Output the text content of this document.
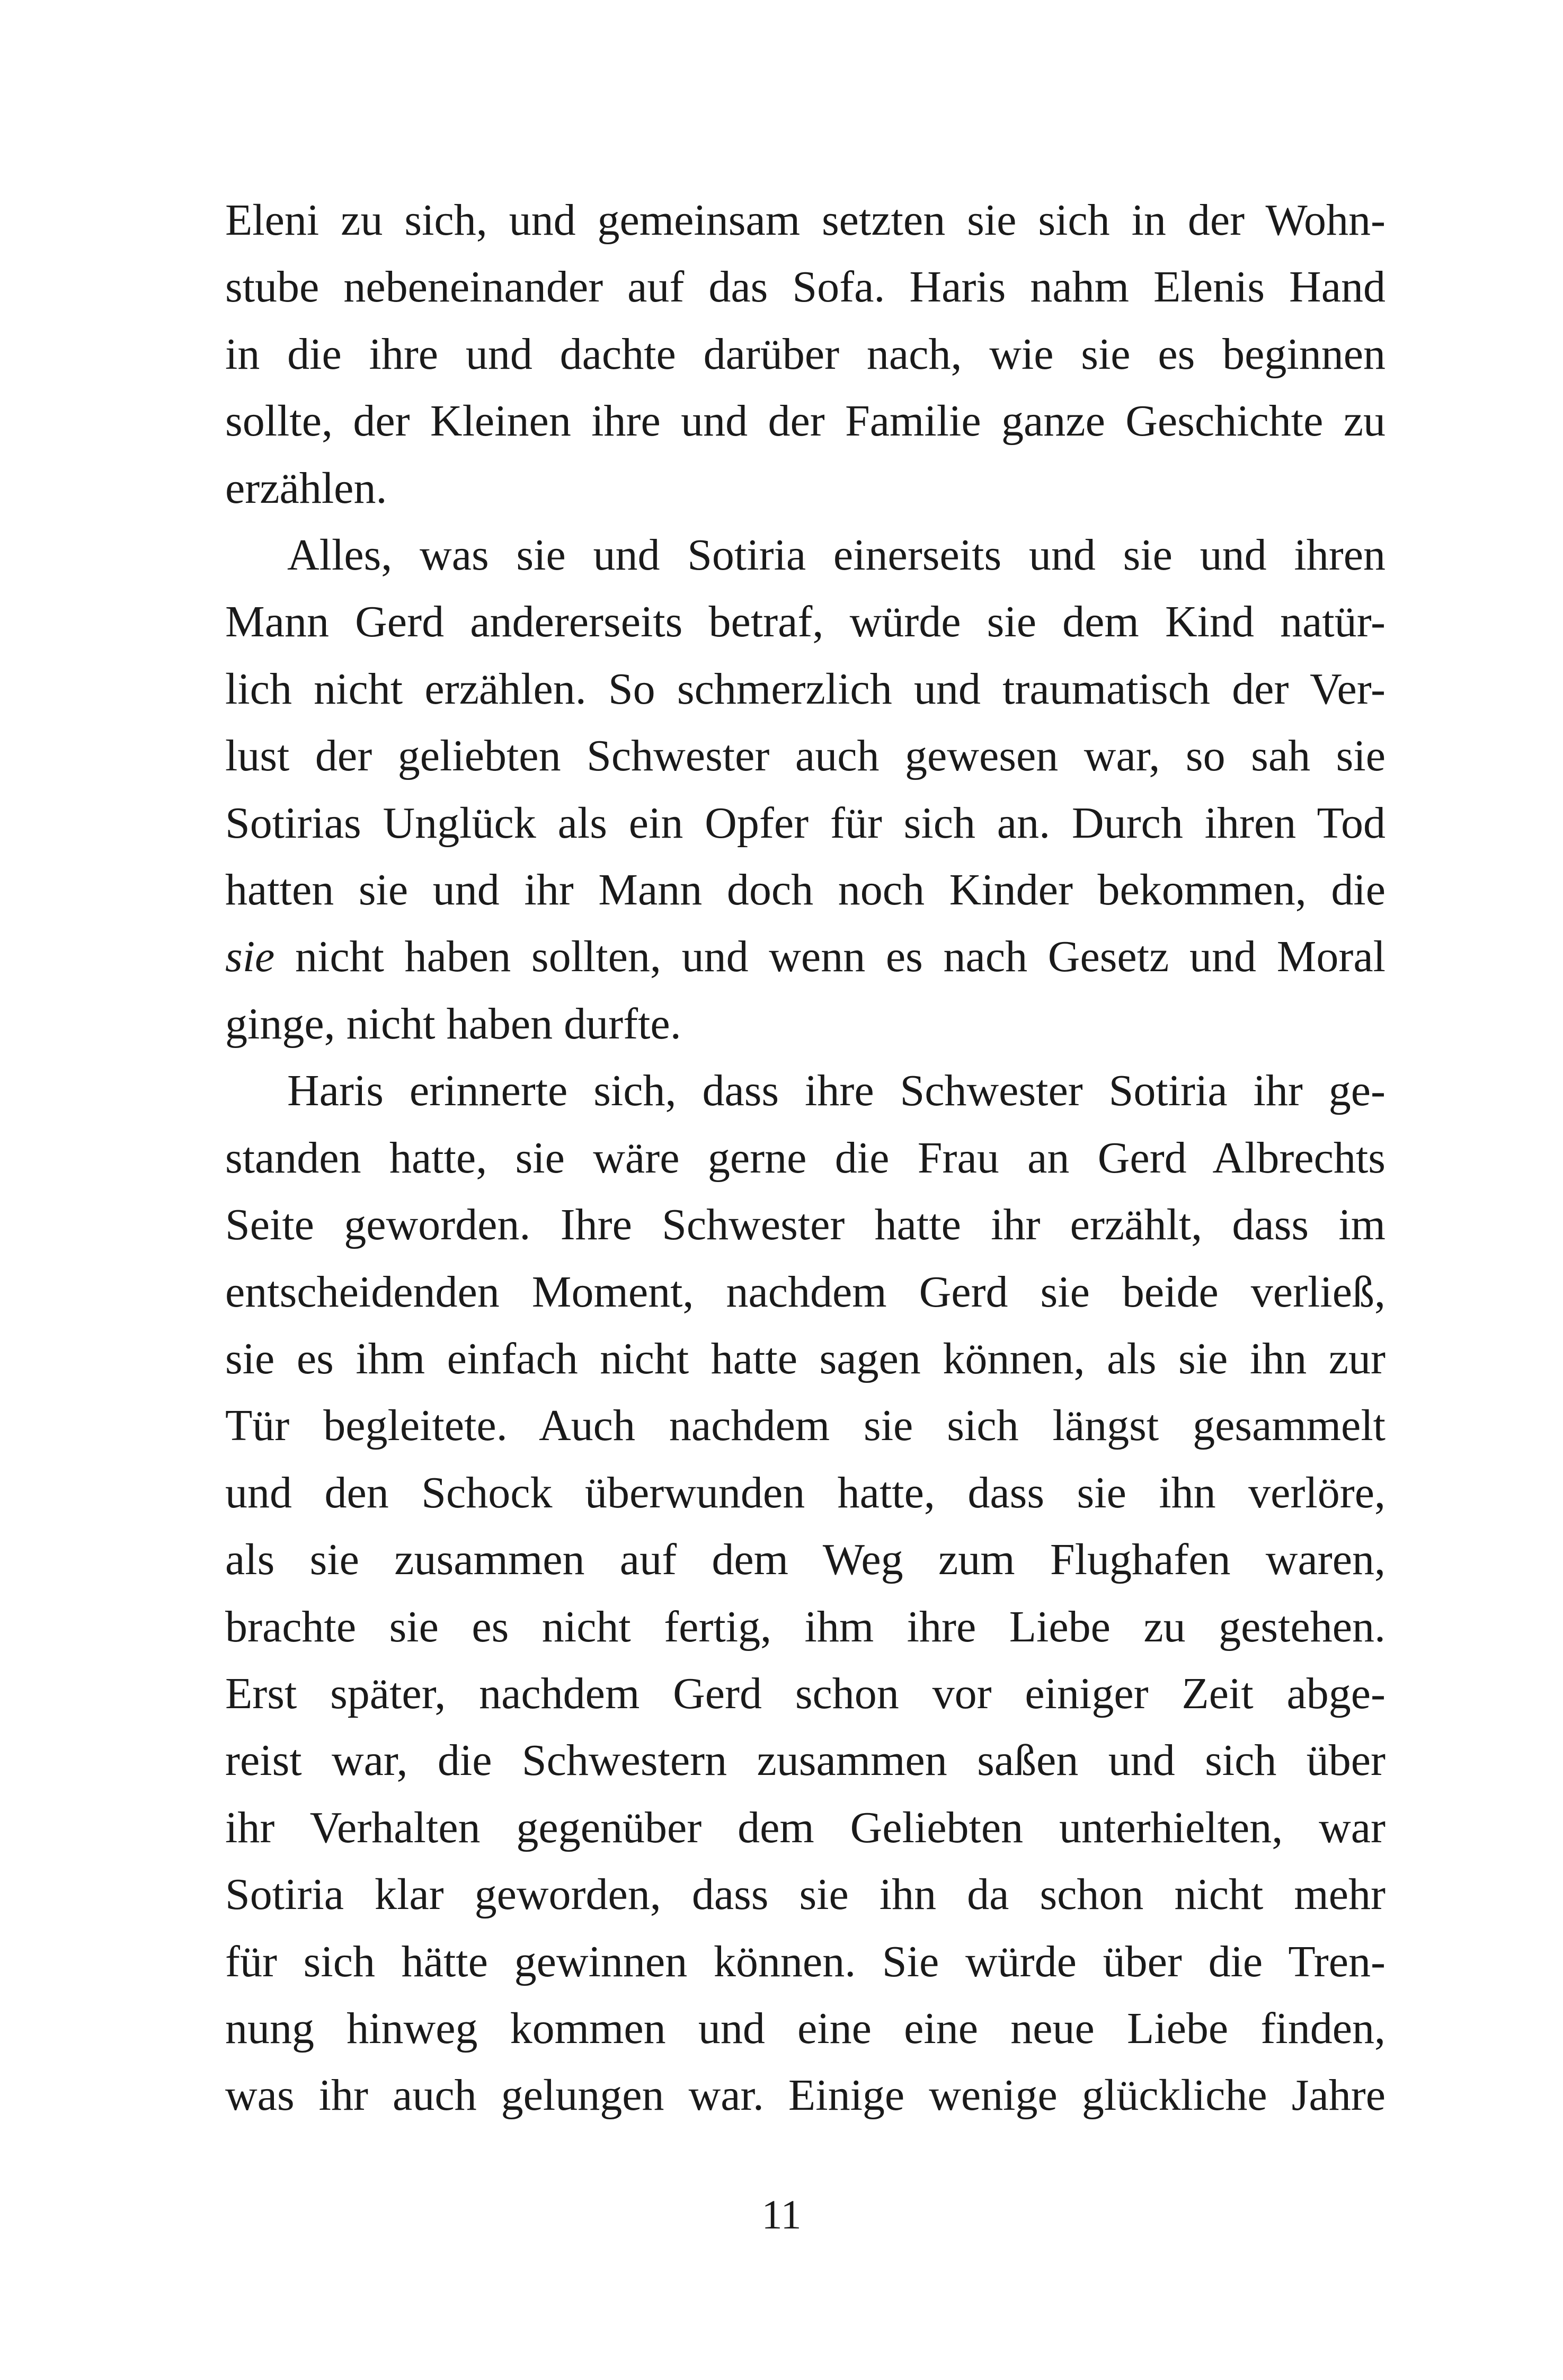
Eleni zu sich, und gemeinsam setzten sie sich in der Wohn-
stube nebeneinander auf das Sofa. Haris nahm Elenis Hand
in die ihre und dachte darüber nach, wie sie es beginnen
sollte, der Kleinen ihre und der Familie ganze Geschichte zu
erzählen.

Alles, was sie und Sotiria einerseits und sie und ihren
Mann Gerd andererseits betraf, würde sie dem Kind natür-
lich nicht erzählen. So schmerzlich und traumatisch der Ver-
lust der geliebten Schwester auch gewesen war, so sah sie
Sotirias Unglück als ein Opfer für sich an. Durch ihren Tod
hatten sie und ihr Mann doch noch Kinder bekommen, die
sie nicht haben sollten, und wenn es nach Gesetz und Moral
ginge, nicht haben durfte.

Haris erinnerte sich, dass ihre Schwester Sotiria ihr ge-
standen hatte, sie wäre gerne die Frau an Gerd Albrechts
Seite geworden. Ihre Schwester hatte ihr erzählt, dass im
entscheidenden Moment, nachdem Gerd sie beide verließ,
sie es ihm einfach nicht hatte sagen können, als sie ihn zur
Tür begleitete. Auch nachdem sie sich längst gesammelt
und den Schock überwunden hatte, dass sie ihn verlöre,
als sie zusammen auf dem Weg zum Flughafen waren,
brachte sie es nicht fertig, ihm ihre Liebe zu gestehen.
Erst später, nachdem Gerd schon vor einiger Zeit abge-
reist war, die Schwestern zusammen saßen und sich über
ihr Verhalten gegenüber dem Geliebten unterhielten, war
Sotiria klar geworden, dass sie ihn da schon nicht mehr
für sich hätte gewinnen können. Sie würde über die Tren-
nung hinweg kommen und eine eine neue Liebe finden,
was ihr auch gelungen war. Einige wenige glückliche Jahre

11
